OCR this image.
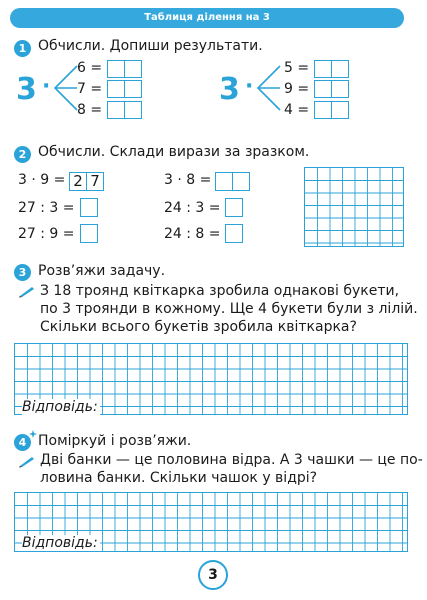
Таблиця ділення на 3
1 Обчисли. Допиши результати.
3 ·
6 =
7 =
8 =
3 ·
5 =
9 =
4 =
2 Обчисли. Склади вирази за зразком.
3 · 9 = 2 7	3 · 8 =
27 : 3 =	24 : 3 =
27 : 9 =	24 : 8 =
3 Розв’яжи задачу.
З 18 троянд квіткарка зробила однакові букети,
по 3 троянди в кожному. Ще 4 букети були з лілій.
Скільки всього букетів зробила квіткарка?
Відповідь:
4 Поміркуй і розв’яжи.
Дві банки — це половина відра. А 3 чашки — це по-
ловина банки. Скільки чашок у відрі?
Відповідь:
3
